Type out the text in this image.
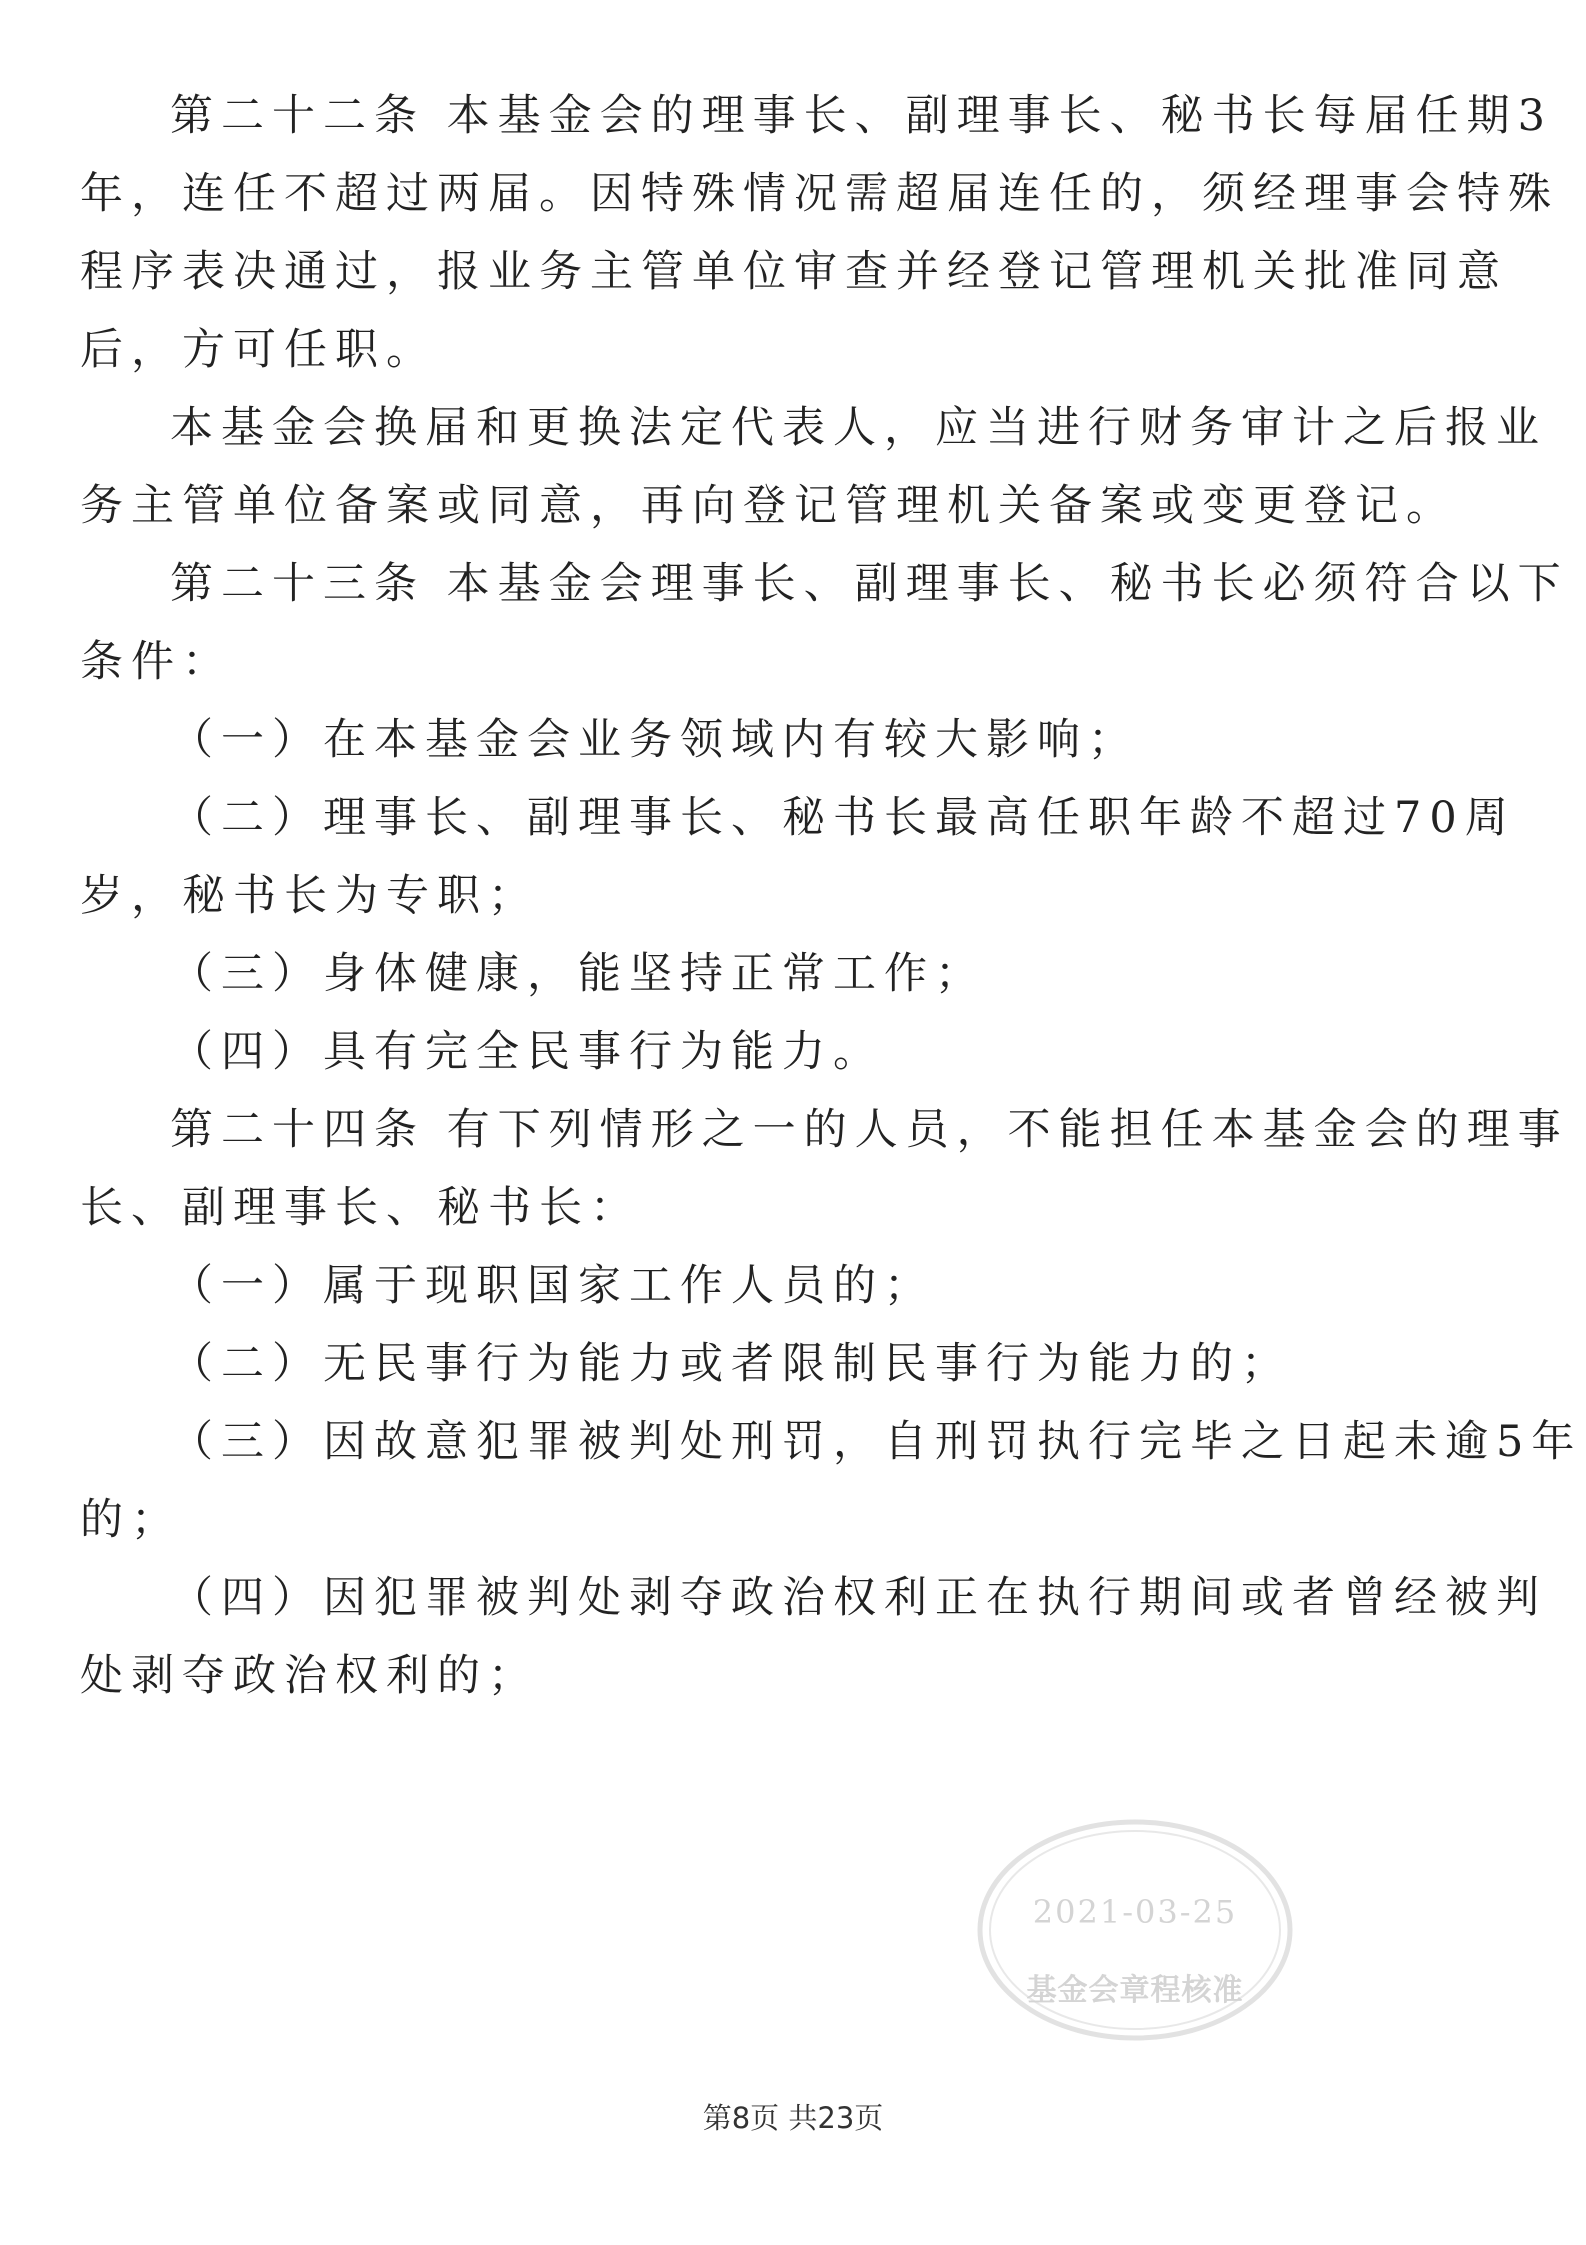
第二十二条 本基金会的理事长、副理事长、秘书长每届任期3
年，连任不超过两届。因特殊情况需超届连任的，须经理事会特殊
程序表决通过，报业务主管单位审查并经登记管理机关批准同意
后，方可任职。
本基金会换届和更换法定代表人，应当进行财务审计之后报业
务主管单位备案或同意，再向登记管理机关备案或变更登记。
第二十三条 本基金会理事长、副理事长、秘书长必须符合以下
条件：
（一）在本基金会业务领域内有较大影响；
（二）理事长、副理事长、秘书长最高任职年龄不超过70周
岁，秘书长为专职；
（三）身体健康，能坚持正常工作；
（四）具有完全民事行为能力。
第二十四条 有下列情形之一的人员，不能担任本基金会的理事
长、副理事长、秘书长：
（一）属于现职国家工作人员的；
（二）无民事行为能力或者限制民事行为能力的；
（三）因故意犯罪被判处刑罚，自刑罚执行完毕之日起未逾5年
的；
（四）因犯罪被判处剥夺政治权利正在执行期间或者曾经被判
处剥夺政治权利的；
2021-03-25
基金会章程核准
第8页 共23页
